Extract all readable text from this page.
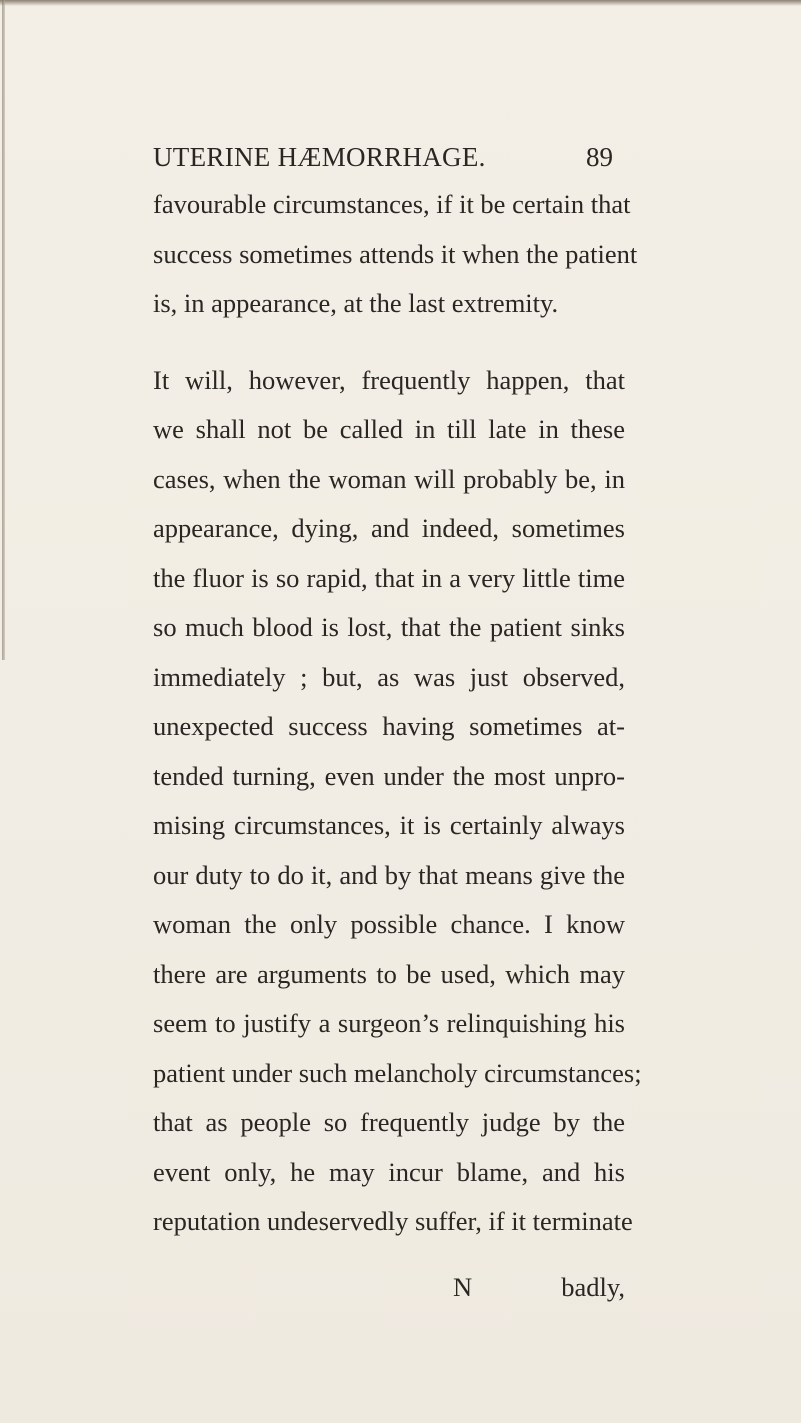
UTERINE HÆMORRHAGE.	89
favourable circumstances, if it be certain that
success sometimes attends it when the patient
is, in appearance, at the last extremity.
It will, however, frequently happen, that
we shall not be called in till late in these
cases, when the woman will probably be, in
appearance, dying, and indeed, sometimes
the fluor is so rapid, that in a very little time
so much blood is lost, that the patient sinks
immediately ; but, as was just observed,
unexpected success having sometimes at-
tended turning, even under the most unpro-
mising circumstances, it is certainly always
our duty to do it, and by that means give the
woman the only possible chance. I know
there are arguments to be used, which may
seem to justify a surgeon’s relinquishing his
patient under such melancholy circumstances;
that as people so frequently judge by the
event only, he may incur blame, and his
reputation undeservedly suffer, if it terminate
N	badly,
